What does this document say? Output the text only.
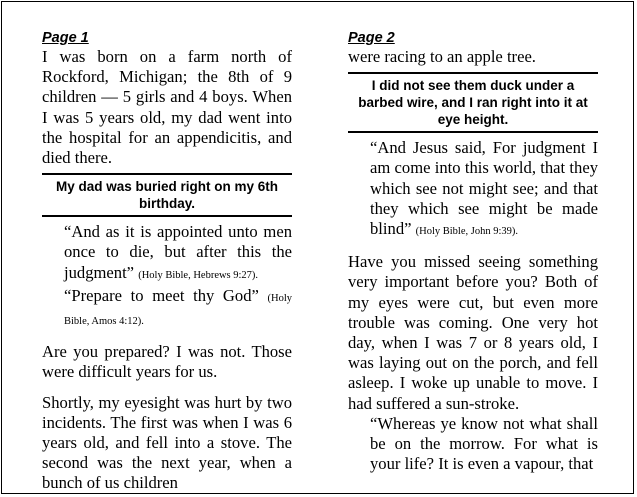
Page 1

I was born on a farm north of Rockford, Michigan; the 8th of 9 children — 5 girls and 4 boys. When I was 5 years old, my dad went into the hospital for an appendicitis, and died there.

My dad was buried right on my 6th birthday.

“And as it is appointed unto men once to die, but after this the judgment” (Holy Bible, Hebrews 9:27).

“Prepare to meet thy God” (Holy Bible, Amos 4:12).

Are you prepared? I was not. Those were difficult years for us.

Shortly, my eyesight was hurt by two incidents. The first was when I was 6 years old, and fell into a stove. The second was the next year, when a bunch of us children

Page 2

were racing to an apple tree.

I did not see them duck under a barbed wire, and I ran right into it at eye height.

“And Jesus said, For judgment I am come into this world, that they which see not might see; and that they which see might be made blind” (Holy Bible, John 9:39).

Have you missed seeing something very important before you? Both of my eyes were cut, but even more trouble was coming. One very hot day, when I was 7 or 8 years old, I was laying out on the porch, and fell asleep. I woke up unable to move. I had suffered a sun-stroke.

“Whereas ye know not what shall be on the morrow. For what is your life? It is even a vapour, that
